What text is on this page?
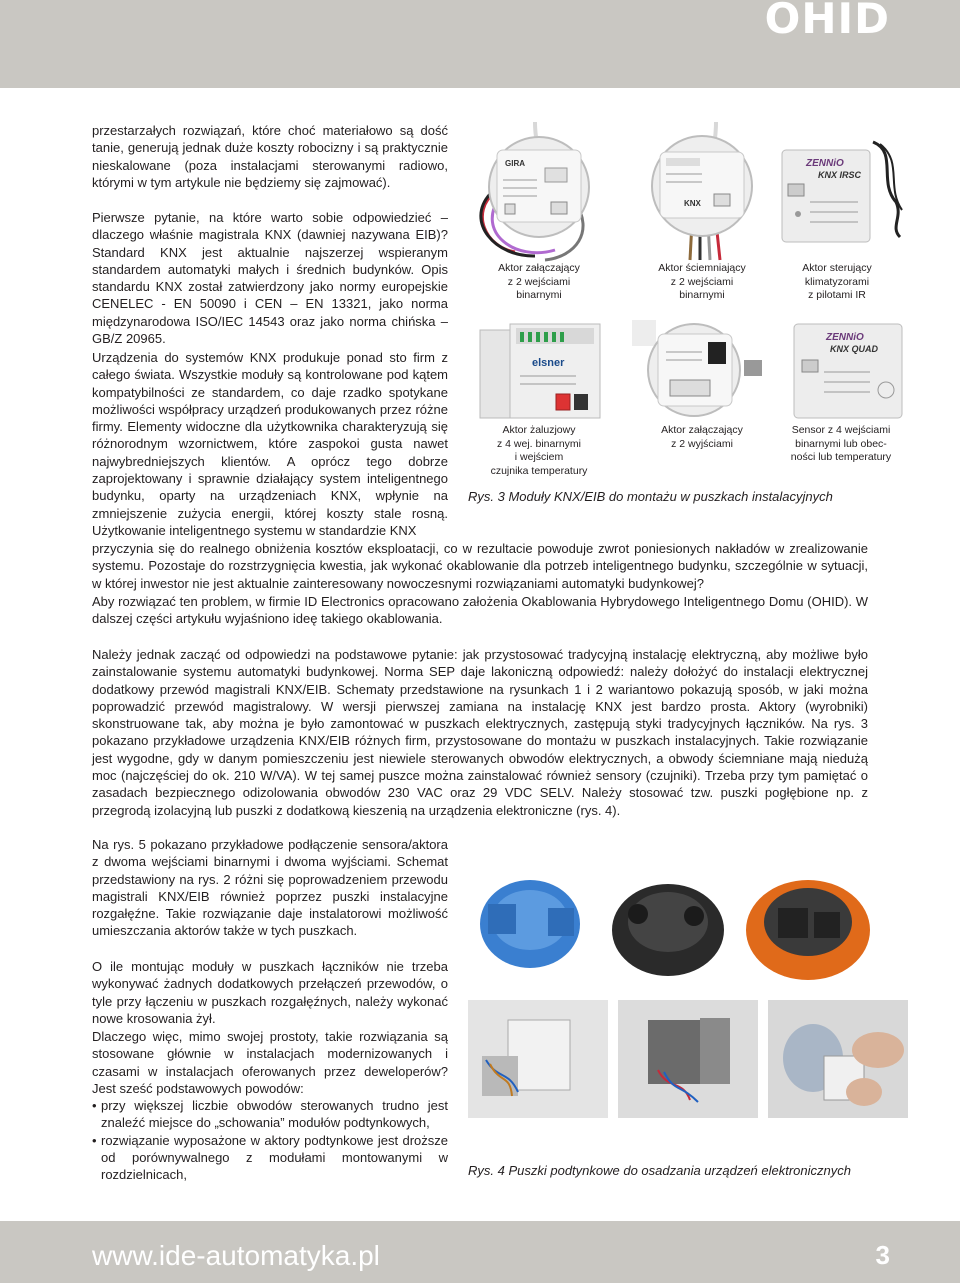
OHID
www.ide-automatyka.pl	3

przestarzałych rozwiązań, które choć materiałowo są dość tanie, generują jednak duże koszty robocizny i są praktycznie nieskalowane (poza instalacjami sterowanymi radiowo, którymi w tym artykule nie będziemy się zajmować).

Pierwsze pytanie, na które warto sobie odpowiedzieć – dlaczego właśnie magistrala KNX (dawniej nazywana EIB)? Standard KNX jest aktualnie najszerzej wspieranym standardem automatyki małych i średnich budynków. Opis standardu KNX został zatwierdzony jako normy europejskie CENELEC - EN 50090 i CEN – EN 13321, jako norma międzynarodowa ISO/IEC 14543 oraz jako norma chińska – GB/Z 20965.

Urządzenia do systemów KNX produkuje ponad sto firm z całego świata. Wszystkie moduły są kontrolowane pod kątem kompatybilności ze standardem, co daje rzadko spotykane możliwości współpracy urządzeń produkowanych przez różne firmy. Elementy widoczne dla użytkownika charakteryzują się różnorodnym wzornictwem, które zaspokoi gusta nawet najwybredniejszych klientów. A oprócz tego dobrze zaprojektowany i sprawnie działający system inteligentnego budynku, oparty na urządzeniach KNX, wpłynie na zmniejszenie zużycia energii, której koszty stale rosną. Użytkowanie inteligentnego systemu w standardzie KNX

przyczynia się do realnego obniżenia kosztów eksploatacji, co w rezultacie powoduje zwrot poniesionych nakładów w zrealizowanie systemu. Pozostaje do rozstrzygnięcia kwestia, jak wykonać okablowanie dla potrzeb inteligentnego budynku, szczególnie w sytuacji, w której inwestor nie jest aktualnie zainteresowany nowoczesnymi rozwiązaniami automatyki budynkowej?

Aby rozwiązać ten problem, w firmie ID Electronics opracowano założenia Okablowania Hybrydowego Inteligentnego Domu (OHID). W dalszej części artykułu wyjaśniono ideę takiego okablowania.

Należy jednak zacząć od odpowiedzi na podstawowe pytanie: jak przystosować tradycyjną instalację elektryczną, aby możliwe było zainstalowanie systemu automatyki budynkowej. Norma SEP daje lakoniczną odpowiedź: należy dołożyć do instalacji elektrycznej dodatkowy przewód magistrali KNX/EIB. Schematy przedstawione na rysunkach 1 i 2 wariantowo pokazują sposób, w jaki można poprowadzić przewód magistralowy. W wersji pierwszej zamiana na instalację KNX jest bardzo prosta. Aktory (wyrobniki) skonstruowane tak, aby można je było zamontować w puszkach elektrycznych, zastępują styki tradycyjnych łączników. Na rys. 3 pokazano przykładowe urządzenia KNX/EIB różnych firm, przystosowane do montażu w puszkach instalacyjnych. Takie rozwiązanie jest wygodne, gdy w danym pomieszczeniu jest niewiele sterowanych obwodów elektrycznych, a obwody ściemniane mają niedużą moc (najczęściej do ok. 210 W/VA). W tej samej puszce można zainstalować również sensory (czujniki). Trzeba przy tym pamiętać o zasadach bezpiecznego odizolowania obwodów 230 VAC oraz 29 VDC SELV. Należy stosować tzw. puszki pogłębione np. z przegrodą izolacyjną lub puszki z dodatkową kieszenią na urządzenia elektroniczne (rys. 4).

Na rys. 5 pokazano przykładowe podłączenie sensora/aktora z dwoma wejściami binarnymi i dwoma wyjściami. Schemat przedstawiony na rys. 2 różni się poprowadzeniem przewodu magistrali KNX/EIB również poprzez puszki instalacyjne rozgałęźne. Takie rozwiązanie daje instalatorowi możliwość umieszczania aktorów także w tych puszkach.

O ile montując moduły w puszkach łączników nie trzeba wykonywać żadnych dodatkowych przełączeń przewodów, o tyle przy łączeniu w puszkach rozgałęźnych, należy wykonać nowe krosowania żył.

Dlaczego więc, mimo swojej prostoty, takie rozwiązania są stosowane głównie w instalacjach modernizowanych i czasami w instalacjach oferowanych przez deweloperów? Jest sześć podstawowych powodów:

• przy większej liczbie obwodów sterowanych trudno jest znaleźć miejsce do „schowania” modułów podtynkowych,
• rozwiązanie wyposażone w aktory podtynkowe jest droższe od porównywalnego z modułami montowanymi w rozdzielnicach,
GIRA
KNX
ZENNiO
KNX IRSC
Aktor załączający
z 2 wejściami
binarnymi
Aktor ściemniający
z 2 wejściami
binarnymi
Aktor sterujący
klimatyzorami
z pilotami IR
elsner
ZENNiO
KNX QUAD
Aktor żaluzjowy
z 4 wej. binarnymi
i wejściem
czujnika temperatury
Aktor załączający
z 2 wyjściami
Sensor z 4 wejściami
binarnymi lub obec-
ności lub temperatury
Rys. 3 Moduły KNX/EIB do montażu w puszkach instalacyjnych
Rys. 4 Puszki podtynkowe do osadzania urządzeń elektronicznych
